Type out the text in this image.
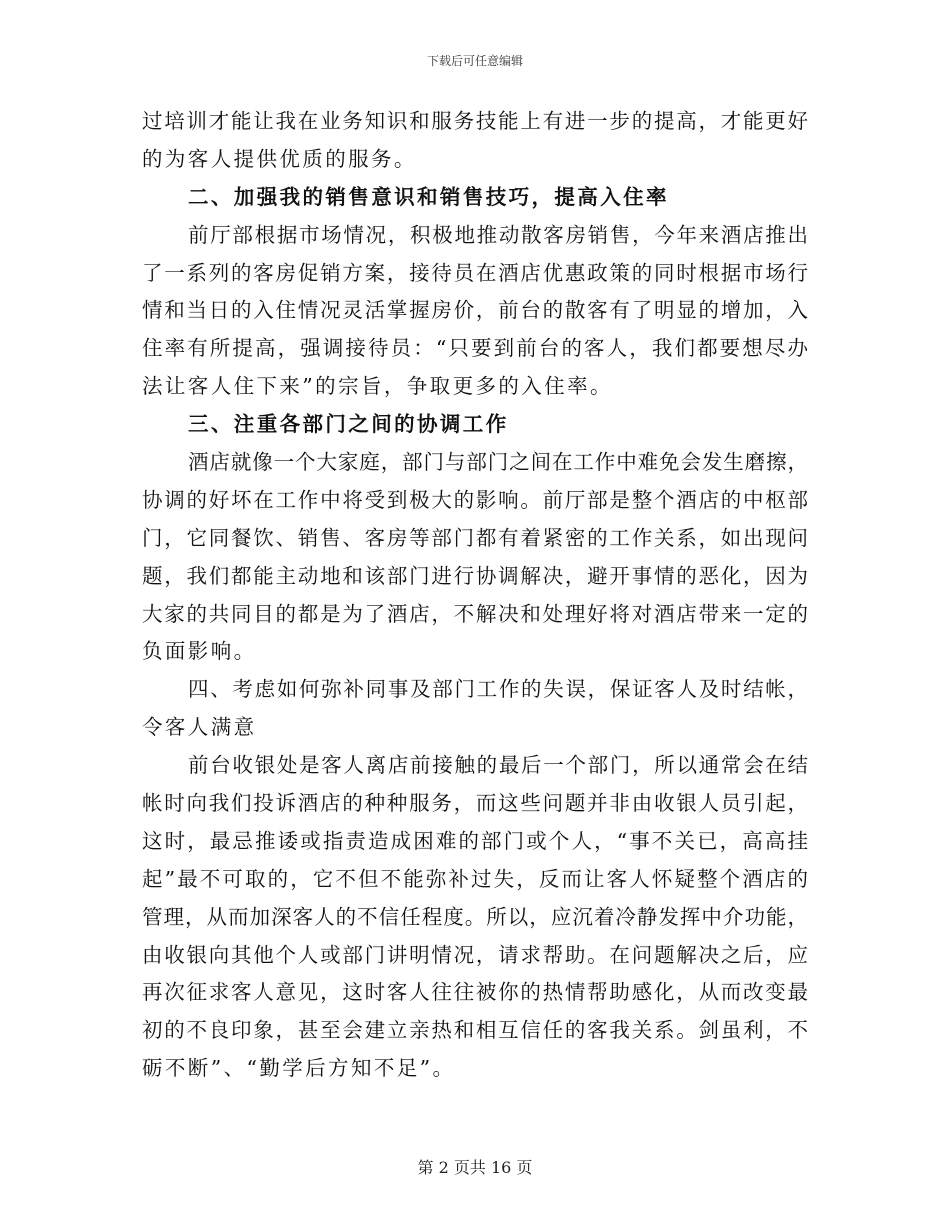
下载后可任意编辑
过培训才能让我在业务知识和服务技能上有进一步的提高，才能更好
的为客人提供优质的服务。
二、加强我的销售意识和销售技巧，提高入住率
前厅部根据市场情况，积极地推动散客房销售，今年来酒店推出
了一系列的客房促销方案，接待员在酒店优惠政策的同时根据市场行
情和当日的入住情况灵活掌握房价，前台的散客有了明显的增加，入
住率有所提高，强调接待员：“只要到前台的客人，我们都要想尽办
法让客人住下来”的宗旨，争取更多的入住率。
三、注重各部门之间的协调工作
酒店就像一个大家庭，部门与部门之间在工作中难免会发生磨擦，
协调的好坏在工作中将受到极大的影响。前厅部是整个酒店的中枢部
门，它同餐饮、销售、客房等部门都有着紧密的工作关系，如出现问
题，我们都能主动地和该部门进行协调解决，避开事情的恶化，因为
大家的共同目的都是为了酒店，不解决和处理好将对酒店带来一定的
负面影响。
四、考虑如何弥补同事及部门工作的失误，保证客人及时结帐，
令客人满意
前台收银处是客人离店前接触的最后一个部门，所以通常会在结
帐时向我们投诉酒店的种种服务，而这些问题并非由收银人员引起，
这时，最忌推诿或指责造成困难的部门或个人，“事不关已，高高挂
起”最不可取的，它不但不能弥补过失，反而让客人怀疑整个酒店的
管理，从而加深客人的不信任程度。所以，应沉着冷静发挥中介功能，
由收银向其他个人或部门讲明情况，请求帮助。在问题解决之后，应
再次征求客人意见，这时客人往往被你的热情帮助感化，从而改变最
初的不良印象，甚至会建立亲热和相互信任的客我关系。剑虽利，不
砺不断”、“勤学后方知不足”。
第 2 页共 16 页
